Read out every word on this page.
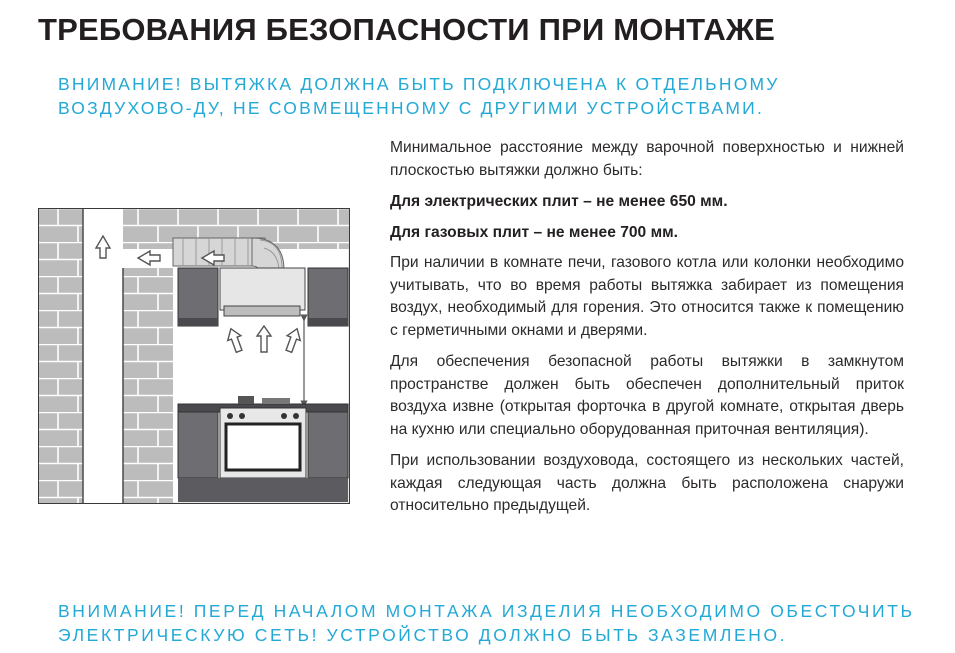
ТРЕБОВАНИЯ БЕЗОПАСНОСТИ ПРИ МОНТАЖЕ
ВНИМАНИЕ! ВЫТЯЖКА ДОЛЖНА БЫТЬ ПОДКЛЮЧЕНА К ОТДЕЛЬНОМУ ВОЗДУХОВО-ДУ, НЕ СОВМЕЩЕННОМУ С ДРУГИМИ УСТРОЙСТВАМИ.

Минимальное расстояние между варочной поверхностью и нижней плоскостью вытяжки должно быть:

Для электрических плит – не менее 650 мм.

Для газовых плит – не менее 700 мм.

При наличии в комнате печи, газового котла или колонки необходимо учитывать, что во время работы вытяжка забирает из помещения воздух, необходимый для горения. Это относится также к помещению с герметичными окнами и дверями.

Для обеспечения безопасной работы вытяжки в замкнутом пространстве должен быть обеспечен дополнительный приток воздуха извне (открытая форточка в другой комнате, открытая дверь на кухню или специально оборудованная приточная вентиляция).

При использовании воздуховода, состоящего из нескольких частей, каждая следующая часть должна быть расположена снаружи относительно предыдущей.

ВНИМАНИЕ! ПЕРЕД НАЧАЛОМ МОНТАЖА ИЗДЕЛИЯ НЕОБХОДИМО ОБЕСТОЧИТЬ ЭЛЕКТРИЧЕСКУЮ СЕТЬ! УСТРОЙСТВО ДОЛЖНО БЫТЬ ЗАЗЕМЛЕНО.
